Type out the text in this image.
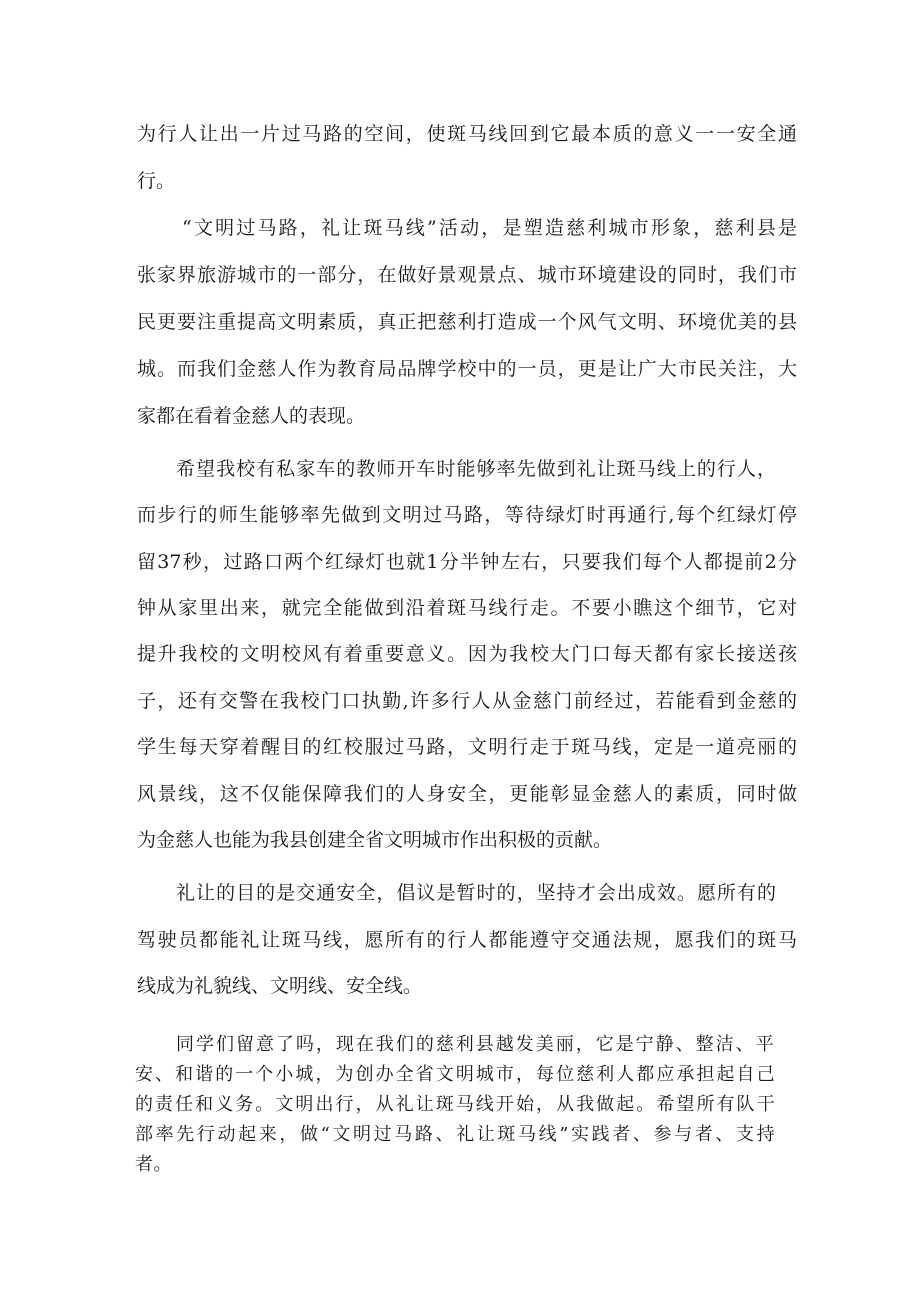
为行人让出一片过马路的空间，使斑马线回到它最本质的意义一一安全通
行。
“文明过马路，礼让斑马线”活动，是塑造慈利城市形象，慈利县是
张家界旅游城市的一部分，在做好景观景点、城市环境建设的同时，我们市
民更要注重提高文明素质，真正把慈利打造成一个风气文明、环境优美的县
城。而我们金慈人作为教育局品牌学校中的一员，更是让广大市民关注，大
家都在看着金慈人的表现。
希望我校有私家车的教师开车时能够率先做到礼让斑马线上的行人，
而步行的师生能够率先做到文明过马路，等待绿灯时再通行,每个红绿灯停
留37秒，过路口两个红绿灯也就1分半钟左右，只要我们每个人都提前2分
钟从家里出来，就完全能做到沿着斑马线行走。不要小瞧这个细节，它对
提升我校的文明校风有着重要意义。因为我校大门口每天都有家长接送孩
子，还有交警在我校门口执勤,许多行人从金慈门前经过，若能看到金慈的
学生每天穿着醒目的红校服过马路，文明行走于斑马线，定是一道亮丽的
风景线，这不仅能保障我们的人身安全，更能彰显金慈人的素质，同时做
为金慈人也能为我县创建全省文明城市作出积极的贡献。
礼让的目的是交通安全，倡议是暂时的，坚持才会出成效。愿所有的
驾驶员都能礼让斑马线，愿所有的行人都能遵守交通法规，愿我们的斑马
线成为礼貌线、文明线、安全线。
同学们留意了吗，现在我们的慈利县越发美丽，它是宁静、整洁、平
安、和谐的一个小城，为创办全省文明城市，每位慈利人都应承担起自己
的责任和义务。文明出行，从礼让斑马线开始，从我做起。希望所有队干
部率先行动起来，做“文明过马路、礼让斑马线”实践者、参与者、支持
者。
